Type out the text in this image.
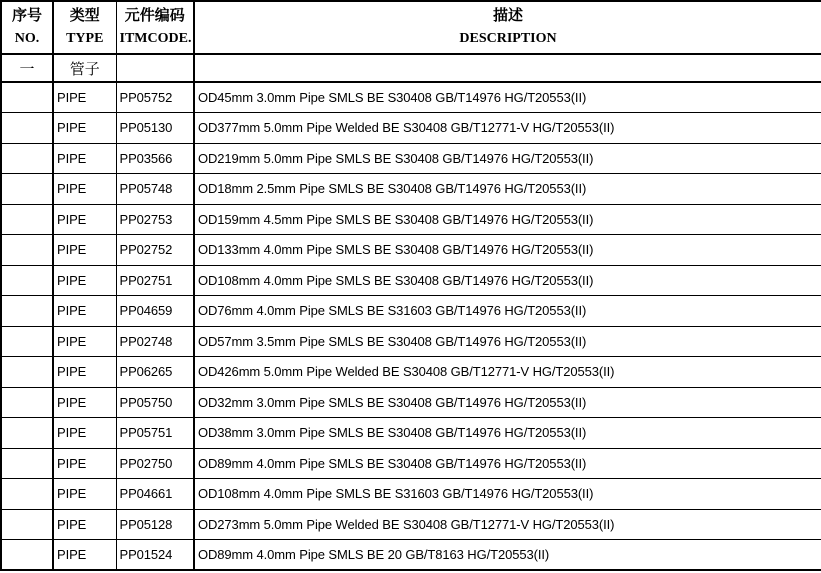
序号
NO.

类型
TYPE

元件编码
ITMCODE.

描述
DESCRIPTION

一	管子		
	PIPE	PP05752	OD45mm 3.0mm Pipe SMLS BE S30408 GB/T14976 HG/T20553(II)
	PIPE	PP05130	OD377mm 5.0mm Pipe Welded BE S30408 GB/T12771-V HG/T20553(II)
	PIPE	PP03566	OD219mm 5.0mm Pipe SMLS BE S30408 GB/T14976 HG/T20553(II)
	PIPE	PP05748	OD18mm 2.5mm Pipe SMLS BE S30408 GB/T14976 HG/T20553(II)
	PIPE	PP02753	OD159mm 4.5mm Pipe SMLS BE S30408 GB/T14976 HG/T20553(II)
	PIPE	PP02752	OD133mm 4.0mm Pipe SMLS BE S30408 GB/T14976 HG/T20553(II)
	PIPE	PP02751	OD108mm 4.0mm Pipe SMLS BE S30408 GB/T14976 HG/T20553(II)
	PIPE	PP04659	OD76mm 4.0mm Pipe SMLS BE S31603 GB/T14976 HG/T20553(II)
	PIPE	PP02748	OD57mm 3.5mm Pipe SMLS BE S30408 GB/T14976 HG/T20553(II)
	PIPE	PP06265	OD426mm 5.0mm Pipe Welded BE S30408 GB/T12771-V HG/T20553(II)
	PIPE	PP05750	OD32mm 3.0mm Pipe SMLS BE S30408 GB/T14976 HG/T20553(II)
	PIPE	PP05751	OD38mm 3.0mm Pipe SMLS BE S30408 GB/T14976 HG/T20553(II)
	PIPE	PP02750	OD89mm 4.0mm Pipe SMLS BE S30408 GB/T14976 HG/T20553(II)
	PIPE	PP04661	OD108mm 4.0mm Pipe SMLS BE S31603 GB/T14976 HG/T20553(II)
	PIPE	PP05128	OD273mm 5.0mm Pipe Welded BE S30408 GB/T12771-V HG/T20553(II)
	PIPE	PP01524	OD89mm 4.0mm Pipe SMLS BE 20 GB/T8163 HG/T20553(II)
